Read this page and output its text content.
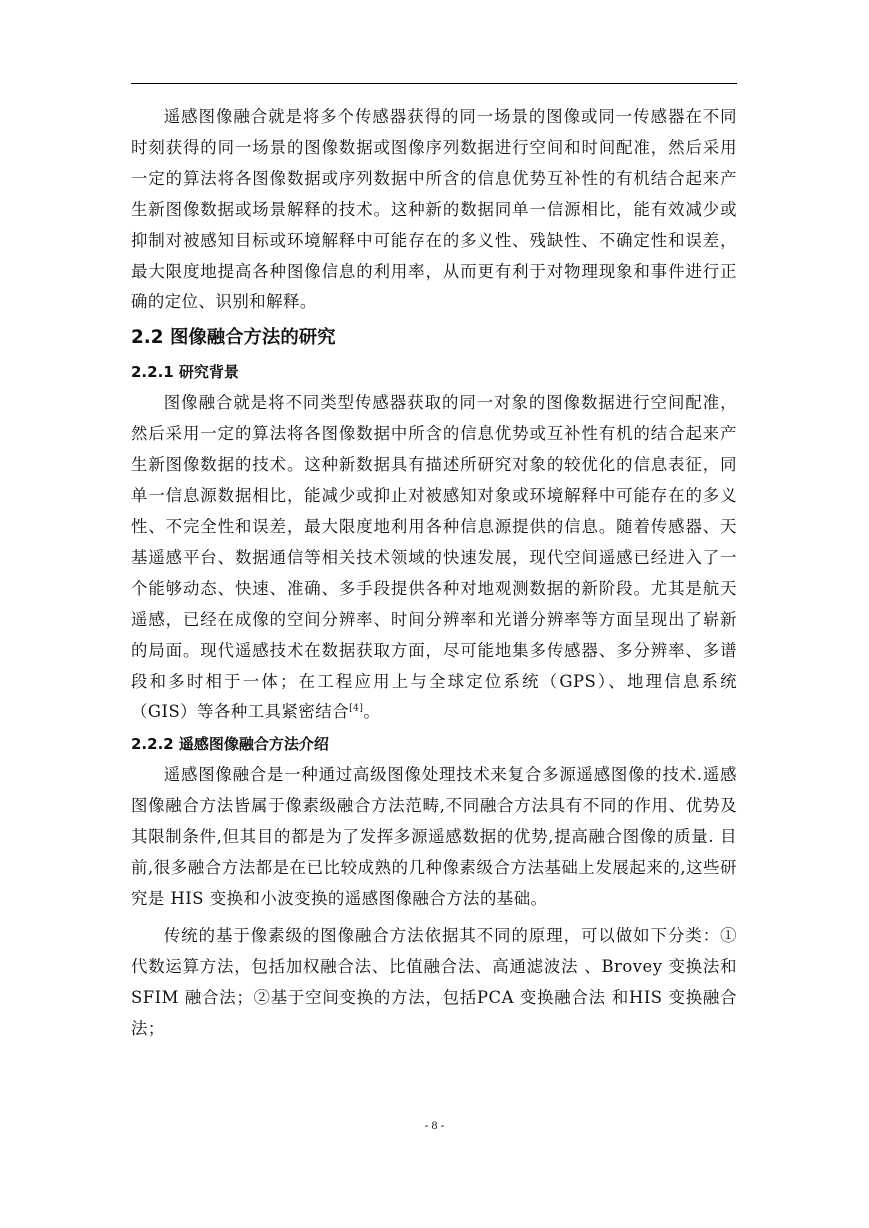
遥感图像融合就是将多个传感器获得的同一场景的图像或同一传感器在不同时刻获得的同一场景的图像数据或图像序列数据进行空间和时间配准，然后采用一定的算法将各图像数据或序列数据中所含的信息优势互补性的有机结合起来产生新图像数据或场景解释的技术。这种新的数据同单一信源相比，能有效减少或抑制对被感知目标或环境解释中可能存在的多义性、残缺性、不确定性和误差，最大限度地提高各种图像信息的利用率，从而更有利于对物理现象和事件进行正确的定位、识别和解释。

2.2 图像融合方法的研究
2.2.1 研究背景

图像融合就是将不同类型传感器获取的同一对象的图像数据进行空间配准，然后采用一定的算法将各图像数据中所含的信息优势或互补性有机的结合起来产生新图像数据的技术。这种新数据具有描述所研究对象的较优化的信息表征，同单一信息源数据相比，能减少或抑止对被感知对象或环境解释中可能存在的多义性、不完全性和误差，最大限度地利用各种信息源提供的信息。随着传感器、天基遥感平台、数据通信等相关技术领域的快速发展，现代空间遥感已经进入了一个能够动态、快速、准确、多手段提供各种对地观测数据的新阶段。尤其是航天遥感，已经在成像的空间分辨率、时间分辨率和光谱分辨率等方面呈现出了崭新的局面。现代遥感技术在数据获取方面，尽可能地集多传感器、多分辨率、多谱段和多时相于一体；在工程应用上与全球定位系统（GPS）、地理信息系统（GIS）等各种工具紧密结合[4]。

2.2.2 遥感图像融合方法介绍

遥感图像融合是一种通过高级图像处理技术来复合多源遥感图像的技术.遥感图像融合方法皆属于像素级融合方法范畴,不同融合方法具有不同的作用、优势及其限制条件,但其目的都是为了发挥多源遥感数据的优势,提高融合图像的质量. 目前,很多融合方法都是在已比较成熟的几种像素级合方法基础上发展起来的,这些研究是 HIS 变换和小波变换的遥感图像融合方法的基础。

传统的基于像素级的图像融合方法依据其不同的原理，可以做如下分类：①代数运算方法，包括加权融合法、比值融合法、高通滤波法 、Brovey 变换法和 SFIM 融合法；②基于空间变换的方法，包括PCA 变换融合法 和HIS 变换融合法；

- 8 -
